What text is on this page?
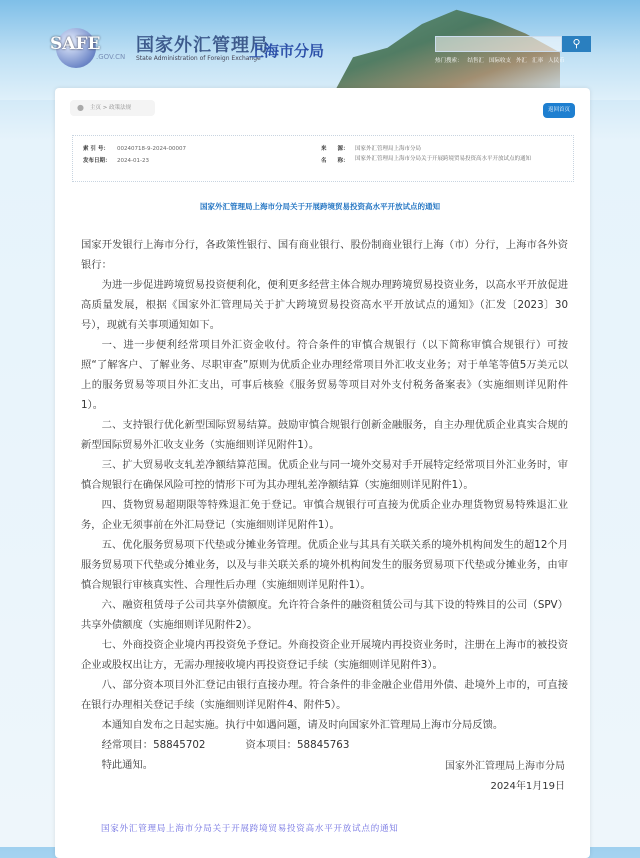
SAFE
.GOV.CN
国家外汇管理局
State Administration of Foreign Exchange
上海市分局	⚲
热门搜索： 结售汇 国际收支 外汇 汇率 人民币
● 主页 > 政策法规	返回首页
索 引 号： 00240718-9-2024-00007
发布日期： 2024-01-23
来　　源： 国家外汇管理局上海市分局
名　　称：	国家外汇管理局上海市分局关于开展跨境贸易投资高水平开放试点的通知
国家外汇管理局上海市分局关于开展跨境贸易投资高水平开放试点的通知

国家开发银行上海市分行，各政策性银行、国有商业银行、股份制商业银行上海（市）分行，上海市各外资银行：

为进一步促进跨境贸易投资便利化，便利更多经营主体合规办理跨境贸易投资业务，以高水平开放促进高质量发展，根据《国家外汇管理局关于扩大跨境贸易投资高水平开放试点的通知》（汇发〔2023〕30号），现就有关事项通知如下。

一、进一步便利经常项目外汇资金收付。符合条件的审慎合规银行（以下简称审慎合规银行）可按照“了解客户、了解业务、尽职审查”原则为优质企业办理经常项目外汇收支业务；对于单笔等值5万美元以上的服务贸易等项目外汇支出，可事后核验《服务贸易等项目对外支付税务备案表》（实施细则详见附件1）。

二、支持银行优化新型国际贸易结算。鼓励审慎合规银行创新金融服务，自主办理优质企业真实合规的新型国际贸易外汇收支业务（实施细则详见附件1）。

三、扩大贸易收支轧差净额结算范围。优质企业与同一境外交易对手开展特定经常项目外汇业务时，审慎合规银行在确保风险可控的情形下可为其办理轧差净额结算（实施细则详见附件1）。

四、货物贸易超期限等特殊退汇免于登记。审慎合规银行可直接为优质企业办理货物贸易特殊退汇业务，企业无须事前在外汇局登记（实施细则详见附件1）。

五、优化服务贸易项下代垫或分摊业务管理。优质企业与其具有关联关系的境外机构间发生的超12个月服务贸易项下代垫或分摊业务，以及与非关联关系的境外机构间发生的服务贸易项下代垫或分摊业务，由审慎合规银行审核真实性、合理性后办理（实施细则详见附件1）。

六、融资租赁母子公司共享外债额度。允许符合条件的融资租赁公司与其下设的特殊目的公司（SPV）共享外债额度（实施细则详见附件2）。

七、外商投资企业境内再投资免予登记。外商投资企业开展境内再投资业务时，注册在上海市的被投资企业或股权出让方，无需办理接收境内再投资登记手续（实施细则详见附件3）。

八、部分资本项目外汇登记由银行直接办理。符合条件的非金融企业借用外债、赴境外上市的，可直接在银行办理相关登记手续（实施细则详见附件4、附件5）。

本通知自发布之日起实施。执行中如遇问题，请及时向国家外汇管理局上海市分局反馈。

经常项目：58845702	资本项目：58845763

特此通知。	国家外汇管理局上海市分局
2024年1月19日
国家外汇管理局上海市分局关于开展跨境贸易投资高水平开放试点的通知
